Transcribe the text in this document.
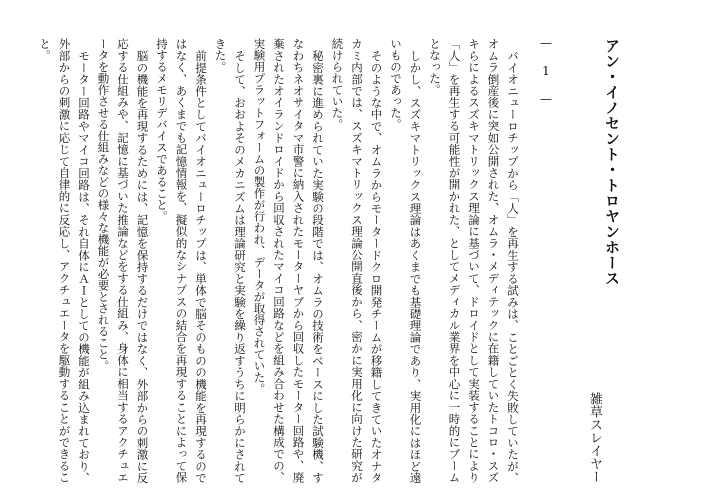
アン・イノセント・トロヤンホース
雑草スレイヤー
— 1 —

バイオニューロチップから「人」を再生する試みは、ことごとく失敗していたが、オムラ倒産後に突如公開された、オムラ・メディテックに在籍していたトコロ・スズキらによるスズキマトリックス理論に基づいて、ドロイドとして実装することにより「人」を再生する可能性が開かれた、としてメディカル業界を中心に一時的にブームとなった。

しかし、スズキマトリックス理論はあくまでも基礎理論であり、実用化にはほど遠いものであった。

そのような中で、オムラからモータードクロ開発チームが移籍してきていたオナタカミ内部では、スズキマトリックス理論公開直後から、密かに実用化に向けた研究が続けられていた。

秘密裏に進められていた実験の段階では、オムラの技術をベースにした試験機、すなわちネオサイタマ市警に納入されたモーターヤブから回収したモーター回路や、廃棄されたオイランドロイドから回収されたマイコ回路などを組み合わせた構成での、実験用プラットフォームの製作が行われ、データが取得されていた。

そして、おおよそのメカニズムは理論研究と実験を繰り返すうちに明らかにされてきた。

前提条件としてバイオニューロチップは、単体で脳そのものの機能を再現するのではなく、あくまでも記憶情報を、擬似的なシナプスの結合を再現することによって保持するメモリデバイスであること。

脳の機能を再現するためには、記憶を保持するだけではなく、外部からの刺激に反応する仕組みや、記憶に基づいた推論などをする仕組み、身体に相当するアクチュエータを動作させる仕組みなどの様々な機能が必要とされること。

モーター回路やマイコ回路は、それ自体にＡＩとしての機能が組み込まれており、外部からの刺激に応じて自律的に反応し、アクチュエータを駆動することができること。
